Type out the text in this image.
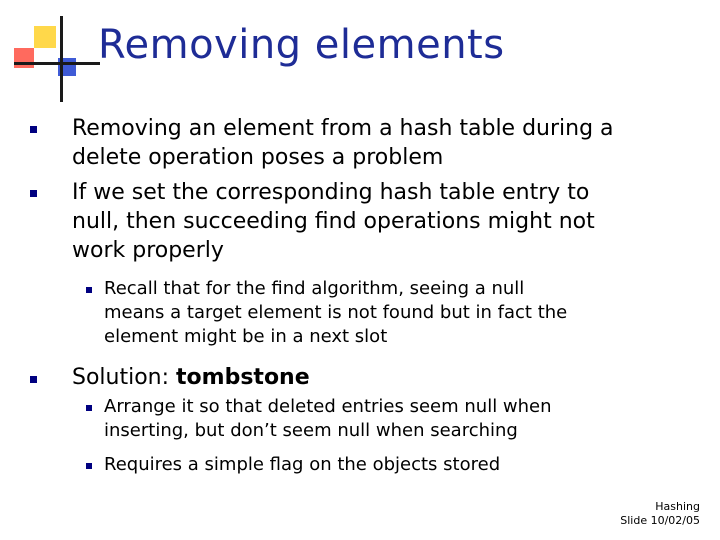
Removing elements
Removing an element from a hash table during a
delete operation poses a problem
If we set the corresponding hash table entry to
null, then succeeding find operations might not
work properly
Recall that for the find algorithm, seeing a null
means a target element is not found but in fact the
element might be in a next slot
Solution: tombstone
Arrange it so that deleted entries seem null when
inserting, but don’t seem null when searching
Requires a simple flag on the objects stored
Hashing
Slide 10/02/05
